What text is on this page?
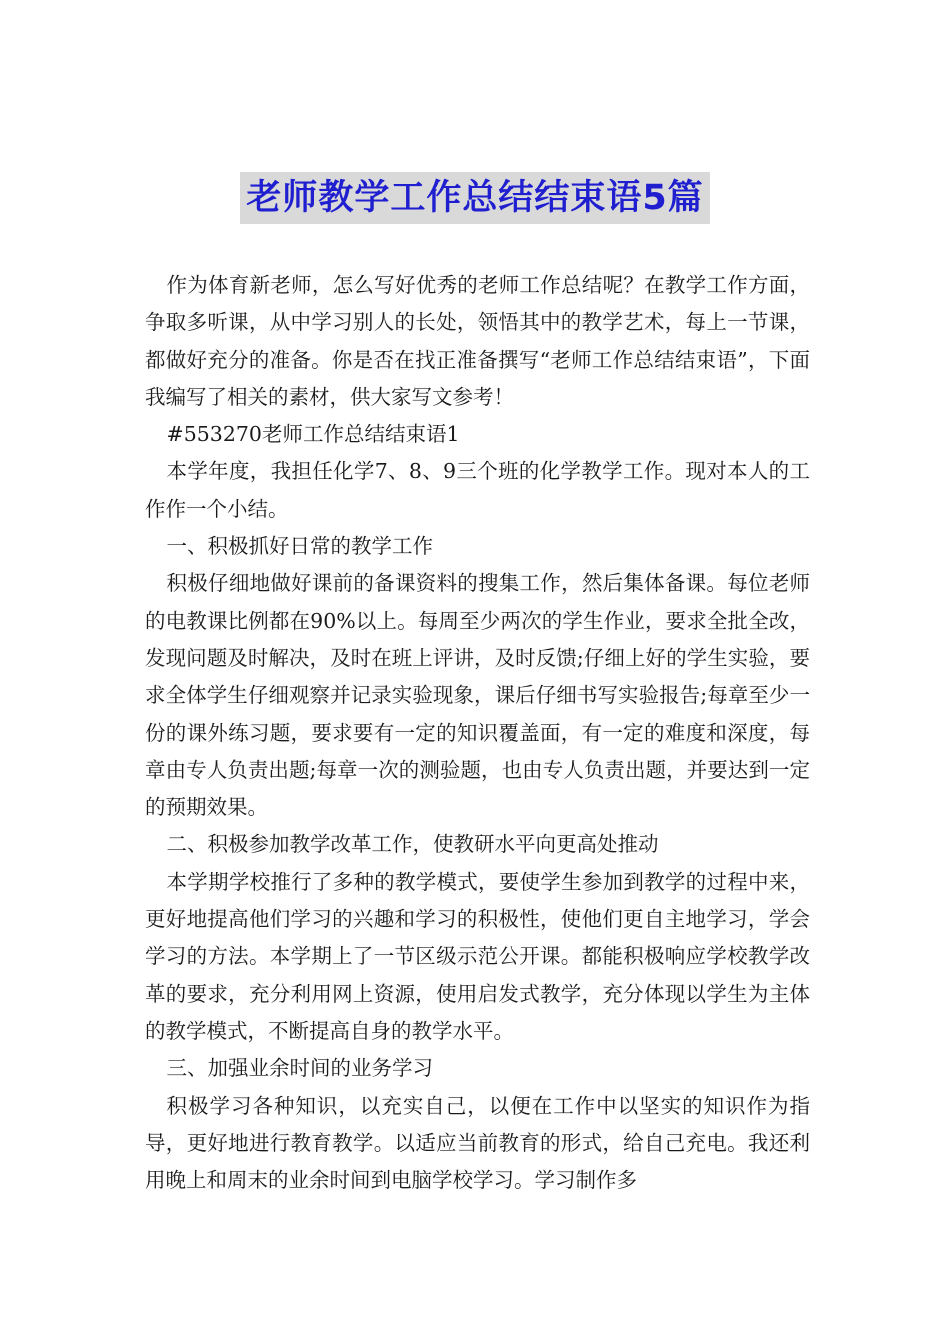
老师教学工作总结结束语5篇

作为体育新老师，怎么写好优秀的老师工作总结呢？在教学工作方面，争取多听课，从中学习别人的长处，领悟其中的教学艺术，每上一节课，都做好充分的准备。你是否在找正准备撰写“老师工作总结结束语”，下面我编写了相关的素材，供大家写文参考！

#553270老师工作总结结束语1

本学年度，我担任化学7、8、9三个班的化学教学工作。现对本人的工作作一个小结。

一、积极抓好日常的教学工作

积极仔细地做好课前的备课资料的搜集工作，然后集体备课。每位老师的电教课比例都在90%以上。每周至少两次的学生作业，要求全批全改，发现问题及时解决，及时在班上评讲，及时反馈;仔细上好的学生实验，要求全体学生仔细观察并记录实验现象，课后仔细书写实验报告;每章至少一份的课外练习题，要求要有一定的知识覆盖面，有一定的难度和深度，每章由专人负责出题;每章一次的测验题，也由专人负责出题，并要达到一定的预期效果。

二、积极参加教学改革工作，使教研水平向更高处推动

本学期学校推行了多种的教学模式，要使学生参加到教学的过程中来，更好地提高他们学习的兴趣和学习的积极性，使他们更自主地学习，学会学习的方法。本学期上了一节区级示范公开课。都能积极响应学校教学改革的要求，充分利用网上资源，使用启发式教学，充分体现以学生为主体的教学模式，不断提高自身的教学水平。

三、加强业余时间的业务学习

积极学习各种知识，以充实自己，以便在工作中以坚实的知识作为指导，更好地进行教育教学。以适应当前教育的形式，给自己充电。我还利用晚上和周末的业余时间到电脑学校学习。学习制作多
